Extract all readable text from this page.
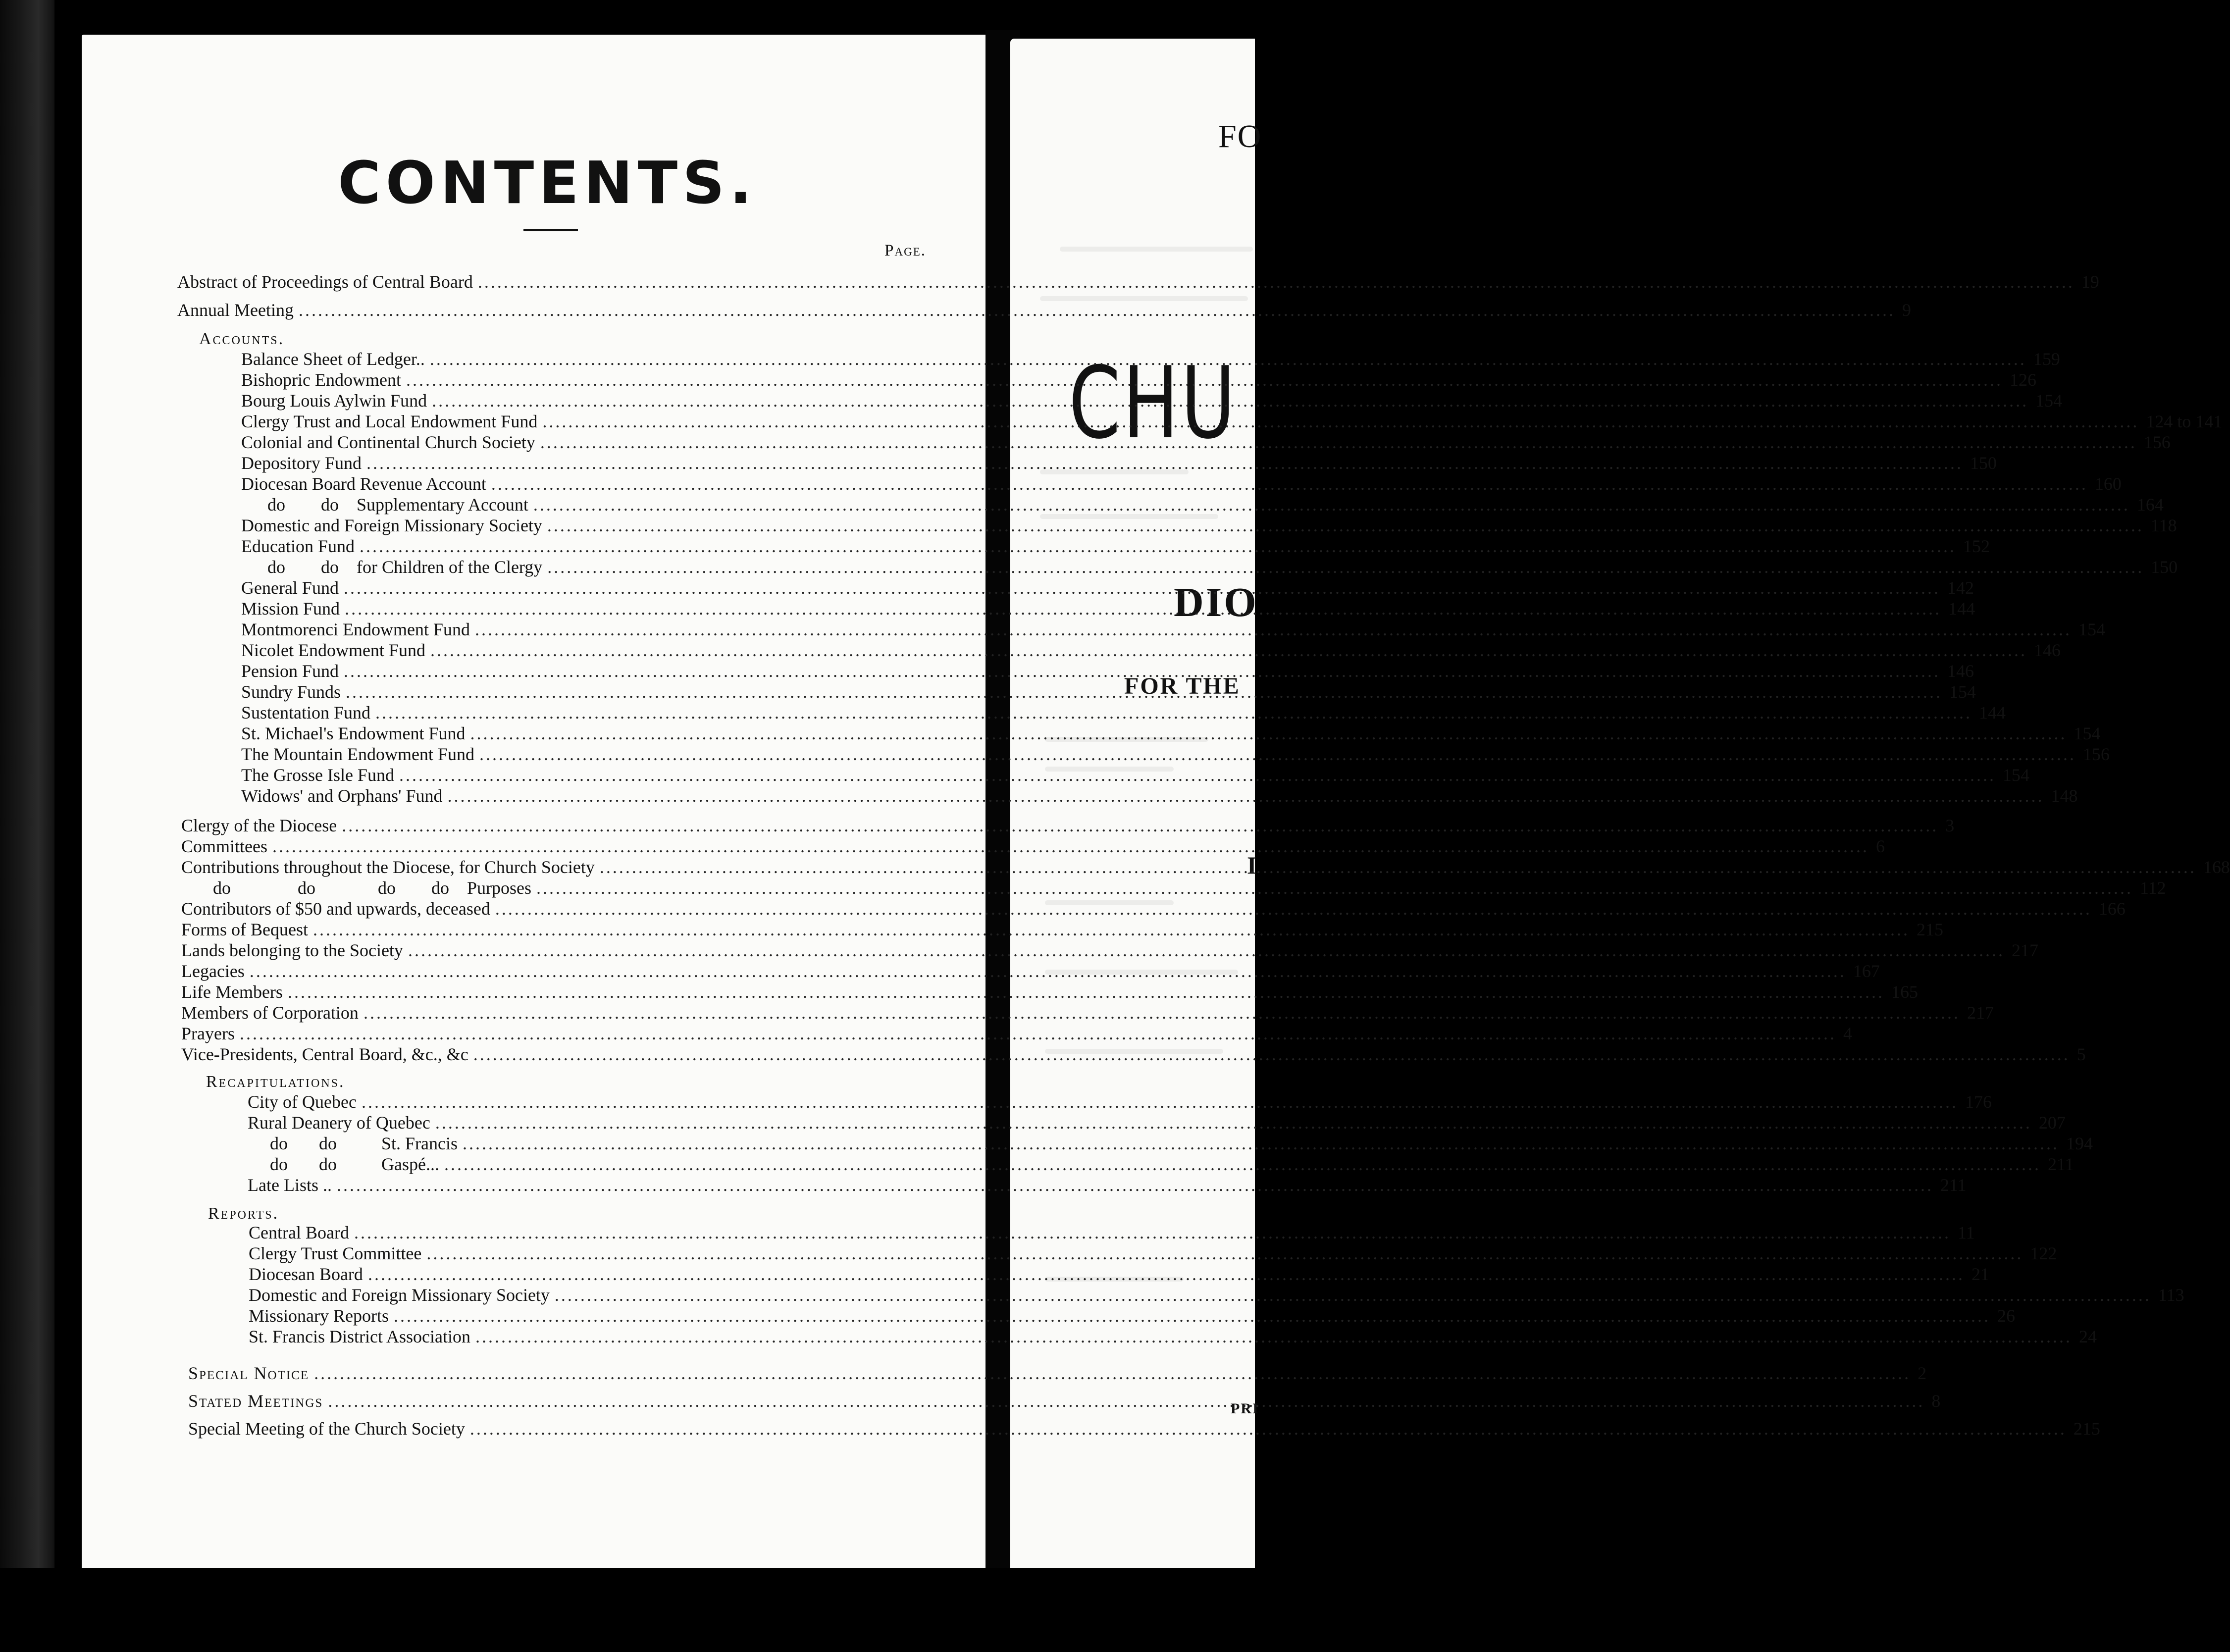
CONTENTS.
Page.
FO
CHU
DIO
FOR THE
I
PRI
Abstract of Proceedings of Central Board .....	19
Annual Meeting .....	9
Accounts.
Balance Sheet of Ledger.. .....	159
Bishopric Endowment .....	126
Bourg Louis Aylwin Fund .....	154
Clergy Trust and Local Endowment Fund .....	124 to 141
Colonial and Continental Church Society .....	156
Depository Fund .....	150
Diocesan Board Revenue Account .....	160
do        do    Supplementary Account .....	164
Domestic and Foreign Missionary Society .....	118
Education Fund .....	152
do        do    for Children of the Clergy .....	150
General Fund .....	142
Mission Fund .....	144
Montmorenci Endowment Fund .....	154
Nicolet Endowment Fund .....	146
Pension Fund .....	146
Sundry Funds .....	154
Sustentation Fund .....	144
St. Michael's Endowment Fund .....	154
The Mountain Endowment Fund .....	156
The Grosse Isle Fund .....	154
Widows' and Orphans' Fund .....	148
Clergy of the Diocese .....	3
Committees .....	6
Contributions throughout the Diocese, for Church Society .....	168
do               do              do        do    Purposes .....	112
Contributors of $50 and upwards, deceased .....	166
Forms of Bequest .....	215
Lands belonging to the Society .....	217
Legacies .....	167
Life Members .....	165
Members of Corporation .....	217
Prayers .....	4
Vice-Presidents, Central Board, &c., &c .....	5
Recapitulations.
City of Quebec .....	176
Rural Deanery of Quebec .....	207
do       do          St. Francis .....	194
do       do          Gaspé... .....	211
Late Lists .. .....	211
Reports.
Central Board .....	11
Clergy Trust Committee .....	122
Diocesan Board .....	21
Domestic and Foreign Missionary Society .....	113
Missionary Reports .....	26
St. Francis District Association .....	24
Special Notice .....	2
Stated Meetings .....	8
Special Meeting of the Church Society .....	215
